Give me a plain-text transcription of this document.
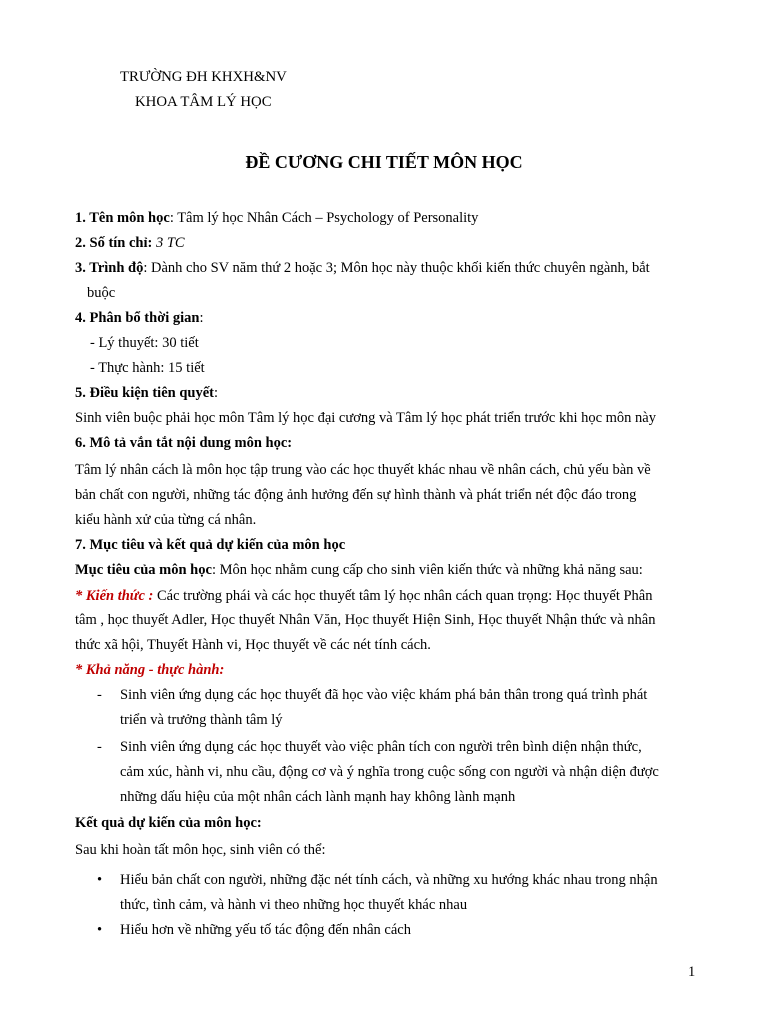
TRƯỜNG ĐH KHXH&NV
KHOA TÂM LÝ HỌC
ĐỀ CƯƠNG CHI TIẾT MÔN HỌC
1. Tên môn học: Tâm lý học Nhân Cách – Psychology of Personality
2. Số tín chỉ: 3 TC
3. Trình độ: Dành cho SV năm thứ 2 hoặc 3; Môn học này thuộc khối kiến thức chuyên ngành, bắt
buộc
4. Phân bổ thời gian:
- Lý thuyết: 30 tiết
- Thực hành: 15 tiết
5. Điều kiện tiên quyết:
Sinh viên buộc phải học môn Tâm lý học đại cương và Tâm lý học phát triển trước khi học môn này
6. Mô tả vắn tắt nội dung môn học:
Tâm lý nhân cách là môn học tập trung vào các học thuyết khác nhau về nhân cách, chủ yếu bàn về
bản chất con người, những tác động ảnh hưởng đến sự hình thành và phát triển nét độc đáo trong
kiểu hành xử của từng cá nhân.
7. Mục tiêu và kết quả dự kiến của môn học
Mục tiêu của môn học: Môn học nhằm cung cấp cho sinh viên kiến thức và những khả năng sau:
* Kiến thức : Các trường phái và các học thuyết tâm lý học nhân cách quan trọng: Học thuyết Phân
tâm , học thuyết Adler, Học thuyết Nhân Văn, Học thuyết Hiện Sinh, Học thuyết Nhận thức và nhân
thức xã hội, Thuyết Hành vi, Học thuyết về các nét tính cách.
* Khả năng - thực hành:
- Sinh viên ứng dụng các học thuyết đã học vào việc khám phá bản thân trong quá trình phát
triển và trưởng thành tâm lý
- Sinh viên ứng dụng các học thuyết vào việc phân tích con người trên bình diện nhận thức,
cảm xúc, hành vi, nhu cầu, động cơ và ý nghĩa trong cuộc sống con người và nhận diện được
những dấu hiệu của một nhân cách lành mạnh hay không lành mạnh
Kết quả dự kiến của môn học:
Sau khi hoàn tất môn học, sinh viên có thể:
• Hiểu bản chất con người, những đặc nét tính cách, và những xu hướng khác nhau trong nhận
thức, tình cảm, và hành vi theo những học thuyết khác nhau
• Hiểu hơn về những yếu tố tác động đến nhân cách
1
